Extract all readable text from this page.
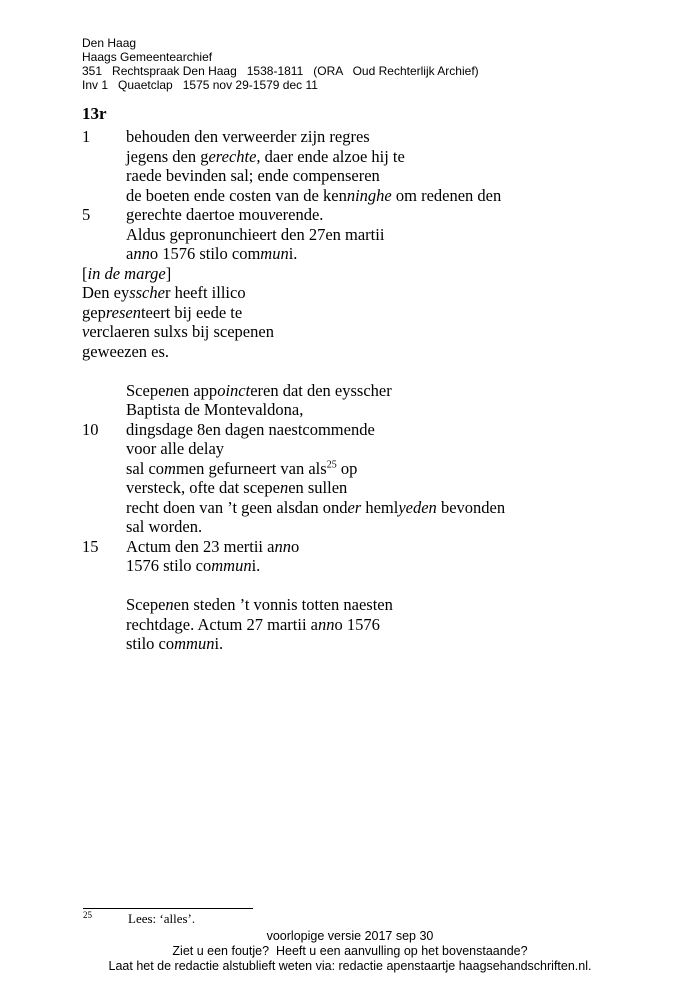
Den Haag
Haags Gemeentearchief
351   Rechtspraak Den Haag   1538-1811   (ORA   Oud Rechterlijk Archief)
Inv 1   Quaetclap   1575 nov 29-1579 dec 11
13r
1	behouden den verweerder zijn regres
jegens den gerechte, daer ende alzoe hij te
raede bevinden sal; ende compenseren
de boeten ende costen van de kenninghe om redenen den
5	gerechte daertoe mouverende.
Aldus gepronunchieert den 27en martii
anno 1576 stilo communi.
[in de marge]
Den eysscher heeft illico
gepresenteert bij eede te
verclaeren sulxs bij scepenen
geweezen es.
Scepenen appoincteren dat den eysscher
Baptista de Montevaldona,
10	dingsdage 8en dagen naestcommende
voor alle delay
sal commen gefurneert van als$^{25}$ op
versteck, ofte dat scepenen sullen
recht doen van ’t geen alsdan onder hemlyeden bevonden
sal worden.
15	Actum den 23 mertii anno
1576 stilo communi.
Scepenen steden ’t vonnis totten naesten
rechtdage. Actum 27 martii anno 1576
stilo communi.
25	Lees: ‘alles’.
voorlopige versie 2017 sep 30
Ziet u een foutje?  Heeft u een aanvulling op het bovenstaande?
Laat het de redactie alstublieft weten via: redactie apenstaartje haagsehandschriften.nl.
